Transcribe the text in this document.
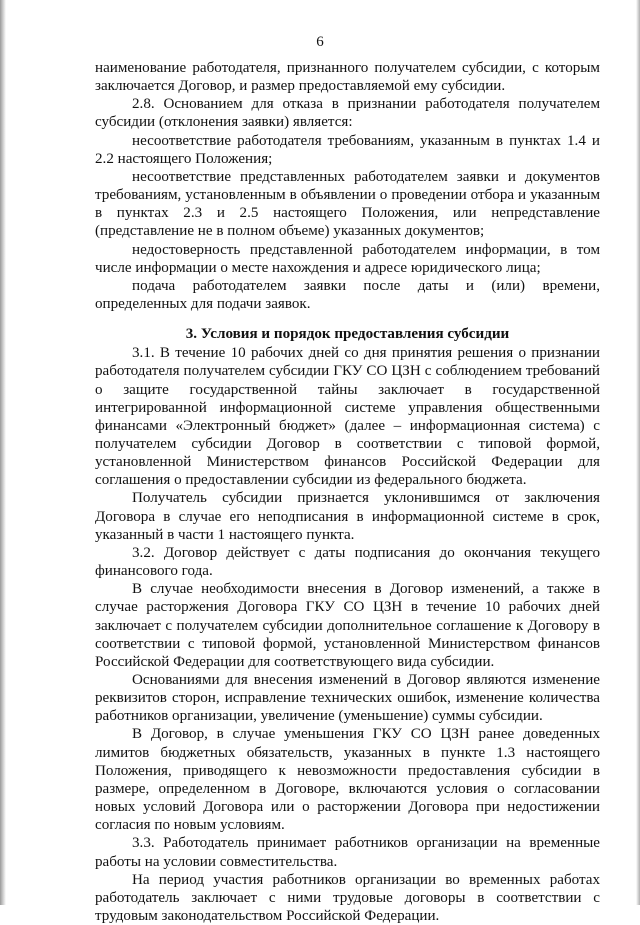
6

наименование работодателя, признанного получателем субсидии, с которым заключается Договор, и размер предоставляемой ему субсидии.

2.8. Основанием для отказа в признании работодателя получателем субсидии (отклонения заявки) является:

несоответствие работодателя требованиям, указанным в пунктах 1.4 и 2.2 настоящего Положения;

несоответствие представленных работодателем заявки и документов требованиям, установленным в объявлении о проведении отбора и указанным в пунктах 2.3 и 2.5 настоящего Положения, или непредставление (представление не в полном объеме) указанных документов;

недостоверность представленной работодателем информации, в том числе информации о месте нахождения и адресе юридического лица;

подача работодателем заявки после даты и (или) времени, определенных для подачи заявок.

3. Условия и порядок предоставления субсидии

3.1. В течение 10 рабочих дней со дня принятия решения о признании работодателя получателем субсидии ГКУ СО ЦЗН с соблюдением требований о защите государственной тайны заключает в государственной интегрированной информационной системе управления общественными финансами «Электронный бюджет» (далее – информационная система) с получателем субсидии Договор в соответствии с типовой формой, установленной Министерством финансов Российской Федерации для соглашения о предоставлении субсидии из федерального бюджета.

Получатель субсидии признается уклонившимся от заключения Договора в случае его неподписания в информационной системе в срок, указанный в части 1 настоящего пункта.

3.2. Договор действует с даты подписания до окончания текущего финансового года.

В случае необходимости внесения в Договор изменений, а также в случае расторжения Договора ГКУ СО ЦЗН в течение 10 рабочих дней заключает с получателем субсидии дополнительное соглашение к Договору в соответствии с типовой формой, установленной Министерством финансов Российской Федерации для соответствующего вида субсидии.

Основаниями для внесения изменений в Договор являются изменение реквизитов сторон, исправление технических ошибок, изменение количества работников организации, увеличение (уменьшение) суммы субсидии.

В Договор, в случае уменьшения ГКУ СО ЦЗН ранее доведенных лимитов бюджетных обязательств, указанных в пункте 1.3 настоящего Положения, приводящего к невозможности предоставления субсидии в размере, определенном в Договоре, включаются условия о согласовании новых условий Договора или о расторжении Договора при недостижении согласия по новым условиям.

3.3. Работодатель принимает работников организации на временные работы на условии совместительства.

На период участия работников организации во временных работах работодатель заключает с ними трудовые договоры в соответствии с трудовым законодательством Российской Федерации.
